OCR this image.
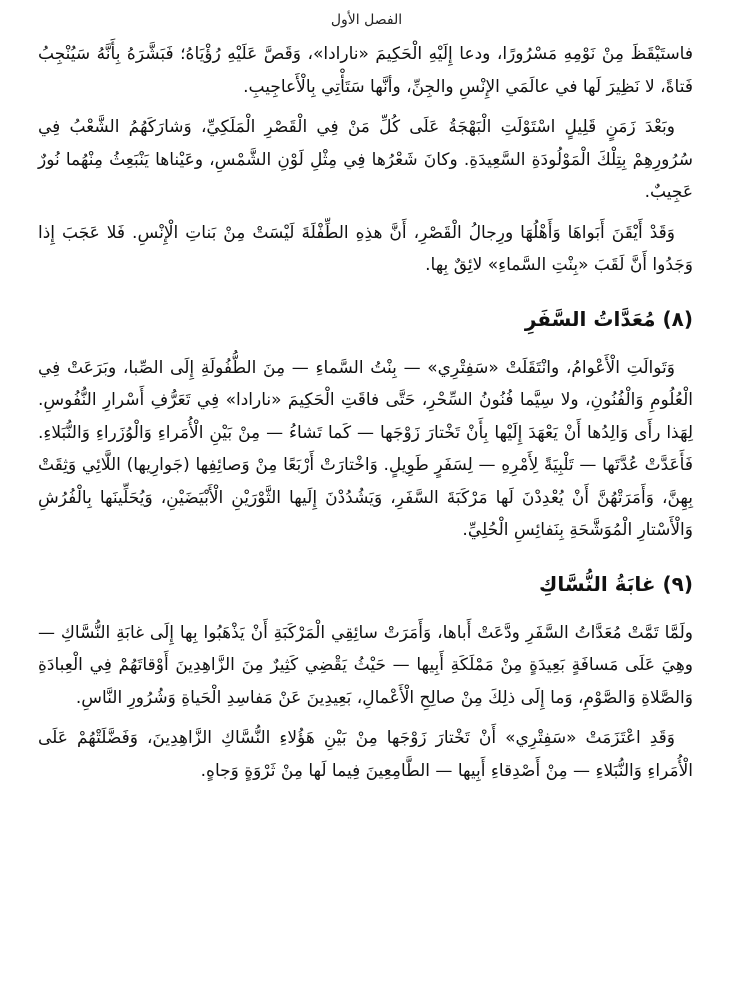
الفصل الأول

فاستَيْقَظَ مِنْ نَوْمِهِ مَسْرُورًا، ودعا إِلَيْهِ الْحَكِيمَ «نارادا»، وَقَصَّ عَلَيْهِ رُؤْيَاهُ؛ فَبَشَّرَهُ بِأَنَّهُ سَيُنْجِبُ فَتاةً، لا نَظِيرَ لَها في عالَمَي الإِنْسِ والجِنِّ، وأنَّها سَتَأْتِي بِالْأَعاجِيبِ.

وبَعْدَ زَمَنٍ قَلِيلٍ اسْتَوْلَتِ الْبَهْجَةُ عَلَى كُلِّ مَنْ فِي الْقَصْرِ الْمَلَكِيِّ، وَشارَكَهُمُ الشَّعْبُ فِي سُرُورِهِمْ بِتِلْكَ الْمَوْلُودَةِ السَّعِيدَةِ. وكانَ شَعْرُها فِي مِثْلِ لَوْنِ الشَّمْسِ، وعَيْناها يَنْبَعِثُ مِنْهُما نُورٌ عَجِيبٌ.

وَقَدْ أَيْقَنَ أَبَواهَا وَأَهْلُهَا ورِجالُ الْقَصْرِ، أَنَّ هذِهِ الطِّفْلَةَ لَيْسَتْ مِنْ بَناتِ الْإِنْسِ. فَلا عَجَبَ إِذا وَجَدُوا أَنَّ لَقَبَ «بِنْتِ السَّماءِ» لائِقٌ بِها.

(٨) مُعَدَّاتُ السَّفَرِ

وَتَوالَتِ الْأَعْوامُ، وانْتَقَلَتْ «سَفِتْرِي» — بِنْتُ السَّماءِ — مِنَ الطُّفُولَةِ إِلَى الصِّبا، وبَرَعَتْ فِي الْعُلُومِ وَالْفُنُونِ، ولا سِيَّما فُنُونُ السِّحْرِ، حَتَّى فاقَتِ الْحَكِيمَ «نارادا» فِي تَعَرُّفِ أَسْرارِ النُّفُوسِ. لِهَذا رأَى وَالِدُها أَنْ يَعْهَدَ إِلَيْها بِأَنْ تَخْتارَ زَوْجَها — كَما تَشاءُ — مِنْ بَيْنِ الْأُمَراءِ وَالْوُزَراءِ وَالنُّبَلاءِ. فَأَعَدَّتْ عُدَّتَها — تَلْبِيَةً لِأَمْرِهِ — لِسَفَرٍ طَوِيلٍ. وَاخْتارَتْ أَرْبَعًا مِنْ وَصائِفِها (جَوارِيها) اللَّائِي وَثِقَتْ بِهِنَّ، وَأَمَرَتْهُنَّ أَنْ يُعْدِدْنَ لَها مَرْكَبَةَ السَّفَرِ، وَيَشُدُدْنَ إِلَيها الثَّوْرَيْنِ الْأَبْيَضَيْنِ، وَيُحَلِّينَها بِالْفُرُشِ وَالْأَسْتارِ الْمُوَشَّحَةِ بِنَفائِسِ الْحُلِيِّ.

(٩) غابَةُ النُّسَّاكِ

ولَمَّا تَمَّتْ مُعَدَّاتُ السَّفَرِ ودَّعَتْ أَباها، وَأَمَرَتْ سائِقِي الْمَرْكَبَةِ أَنْ يَذْهَبُوا بِها إِلَى غابَةِ النُّسَّاكِ — وهِيَ عَلَى مَسافَةٍ بَعِيدَةٍ مِنْ مَمْلَكَةِ أَبِيها — حَيْثُ يَقْضِي كَثِيرٌ مِنَ الزَّاهِدِينَ أَوْقاتَهُمْ فِي الْعِبادَةِ وَالصَّلاةِ وَالصَّوْمِ، وَما إِلَى ذلِكَ مِنْ صالِحِ الْأَعْمالِ، بَعِيدِينَ عَنْ مَفاسِدِ الْحَياةِ وَشُرُورِ النَّاسِ.

وَقَدِ اعْتَزَمَتْ «سَفِتْرِي» أَنْ تَخْتارَ زَوْجَها مِنْ بَيْنِ هَؤُلاءِ النُّسَّاكِ الزَّاهِدِينَ، وَفَضَّلَتْهُمْ عَلَى الْأُمَراءِ وَالنُّبَلاءِ — مِنْ أَصْدِقاءِ أَبِيها — الطَّامِعِينَ فِيما لَها مِنْ ثَرْوَةٍ وَجاهٍ.
